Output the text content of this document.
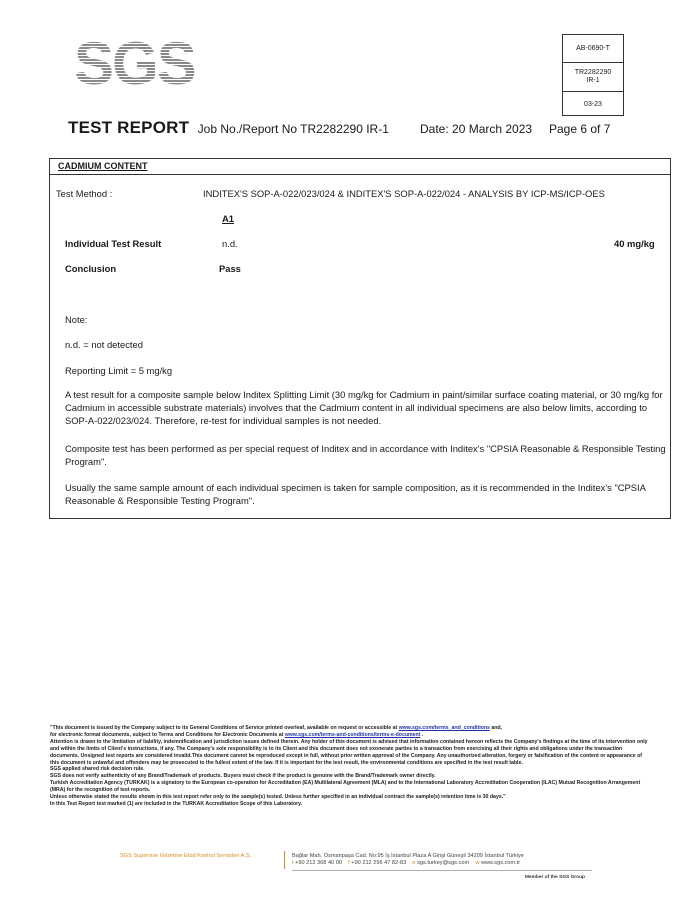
SGS	AB-0690-T
TR2282290
IR-1
03-23
TEST REPORT Job No./Report No TR2282290 IR-1	Date: 20 March 2023 Page 6 of 7
CADMIUM CONTENT
Test Method :	INDITEX'S SOP-A-022/023/024 & INDITEX'S SOP-A-022/024 - ANALYSIS BY ICP-MS/ICP-OES
A1
Individual Test Result	n.d.	40 mg/kg
Conclusion	Pass
Note:
n.d. = not detected
Reporting Limit = 5 mg/kg
A test result for a composite sample below Inditex Splitting Limit (30 mg/kg for Cadmium in paint/similar surface coating material, or 30 mg/kg for Cadmium in accessible substrate materials) involves that the Cadmium content in all individual specimens are also below limits, according to SOP-A-022/023/024. Therefore, re-test for individual samples is not needed.
Composite test has been performed as per special request of Inditex and in accordance with Inditex's "CPSIA Reasonable & Responsible Testing Program".
Usually the same sample amount of each individual specimen is taken for sample composition, as it is recommended in the Inditex's "CPSIA Reasonable & Responsible Testing Program".
"This document is issued by the Company subject to its General Conditions of Service printed overleaf, available on request or accessible at www.sgs.com/terms_and_conditions and,
for electronic format documents, subject to Terms and Conditions for Electronic Documents at www.sgs.com/terms-and-conditions/terms-e-document .
Attention is drawn to the limitation of liability, indemnification and jurisdiction issues defined therein. Any holder of this document is advised that information contained hereon reflects the Company's findings at the time of its intervention only and within the limits of Client's instructions, if any. The Company's sole responsibility is to its Client and this document does not exonerate parties to a transaction from exercising all their rights and obligations under the transaction documents. Unsigned test reports are considered invalid.This document cannot be reproduced except in full, without prior written approval of the Company. Any unauthorized alteration, forgery or falsification of the content or appearance of this document is unlawful and offenders may be prosecuted to the fullest extent of the law. If it is important for the test result, the environmental conditions are specified in the test result table.
SGS applied shared risk decision rule.
SGS does not verify authenticity of any Brand/Trademark of products. Buyers must check if the product is genuine with the Brand/Trademark owner directly.
Turkish Accreditation Agency (TURKAK) is a signatory to the European co-operation for Accreditation (EA) Multilateral Agreement (MLA) and to the International Laboratory Accreditation Cooperation (ILAC) Mutual Recognition Arrangement (MRA) for the recognition of test reports.
Unless otherwise stated the results shown in this test report refer only to the sample(s) tested. Unless further specified in an individual contract the sample(s) retention time is 30 days."
In this Test Report test marked (1) are included in the TURKAK Accreditation Scope of this Laboratory.
SGS Supervise Gözetme Etüd Kontrol Servisleri A.Ş.	Bağlar Mah. Osmanpaşa Cad. No:95 İş İstanbul Plaza A Girişi Güneşli 34209 İstanbul Türkiye
t +90 212 368 40 00 f +90 212 296 47 82-83 e sgs.turkey@sgs.com w www.sgs.com.tr
Member of the SGS Group
